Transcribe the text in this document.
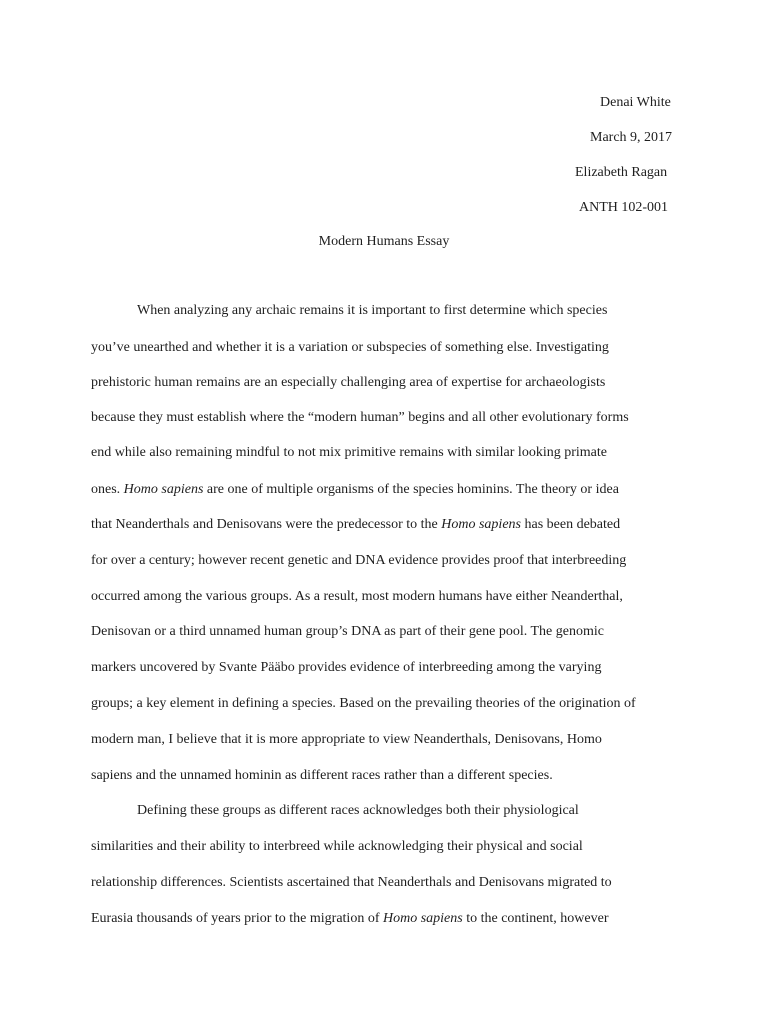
Denai White
March 9, 2017
Elizabeth Ragan
ANTH 102-001
Modern Humans Essay
When analyzing any archaic remains it is important to first determine which species
you’ve unearthed and whether it is a variation or subspecies of something else. Investigating
prehistoric human remains are an especially challenging area of expertise for archaeologists
because they must establish where the “modern human” begins and all other evolutionary forms
end while also remaining mindful to not mix primitive remains with similar looking primate
ones. Homo sapiens are one of multiple organisms of the species hominins. The theory or idea
that Neanderthals and Denisovans were the predecessor to the Homo sapiens has been debated
for over a century; however recent genetic and DNA evidence provides proof that interbreeding
occurred among the various groups. As a result, most modern humans have either Neanderthal,
Denisovan or a third unnamed human group’s DNA as part of their gene pool. The genomic
markers uncovered by Svante Pääbo provides evidence of interbreeding among the varying
groups; a key element in defining a species. Based on the prevailing theories of the origination of
modern man, I believe that it is more appropriate to view Neanderthals, Denisovans, Homo
sapiens and the unnamed hominin as different races rather than a different species.
Defining these groups as different races acknowledges both their physiological
similarities and their ability to interbreed while acknowledging their physical and social
relationship differences. Scientists ascertained that Neanderthals and Denisovans migrated to
Eurasia thousands of years prior to the migration of Homo sapiens to the continent, however
